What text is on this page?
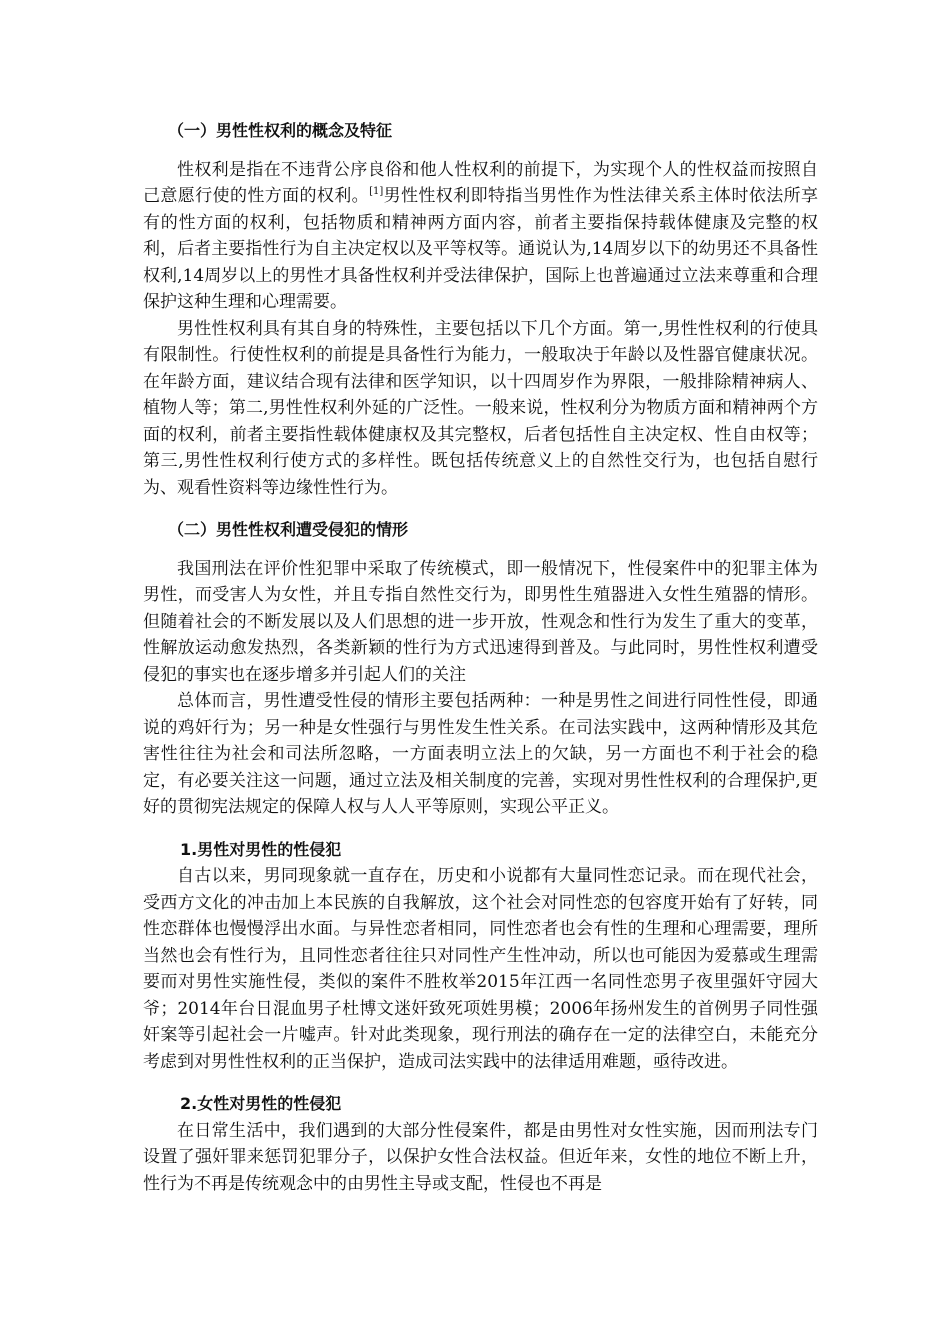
（一）男性性权利的概念及特征

性权利是指在不违背公序良俗和他人性权利的前提下，为实现个人的性权益而按照自己意愿行使的性方面的权利。[1]男性性权利即特指当男性作为性法律关系主体时依法所享有的性方面的权利，包括物质和精神两方面内容，前者主要指保持载体健康及完整的权利，后者主要指性行为自主决定权以及平等权等。通说认为,14周岁以下的幼男还不具备性权利,14周岁以上的男性才具备性权利并受法律保护，国际上也普遍通过立法来尊重和合理保护这种生理和心理需要。

男性性权利具有其自身的特殊性，主要包括以下几个方面。第一,男性性权利的行使具有限制性。行使性权利的前提是具备性行为能力，一般取决于年龄以及性器官健康状况。在年龄方面，建议结合现有法律和医学知识，以十四周岁作为界限，一般排除精神病人、植物人等；第二,男性性权利外延的广泛性。一般来说，性权利分为物质方面和精神两个方面的权利，前者主要指性载体健康权及其完整权，后者包括性自主决定权、性自由权等；第三,男性性权利行使方式的多样性。既包括传统意义上的自然性交行为，也包括自慰行为、观看性资料等边缘性性行为。

（二）男性性权利遭受侵犯的情形

我国刑法在评价性犯罪中采取了传统模式，即一般情况下，性侵案件中的犯罪主体为男性，而受害人为女性，并且专指自然性交行为，即男性生殖器进入女性生殖器的情形。但随着社会的不断发展以及人们思想的进一步开放，性观念和性行为发生了重大的变革，性解放运动愈发热烈，各类新颖的性行为方式迅速得到普及。与此同时，男性性权利遭受侵犯的事实也在逐步增多并引起人们的关注

总体而言，男性遭受性侵的情形主要包括两种：一种是男性之间进行同性性侵，即通说的鸡奸行为；另一种是女性强行与男性发生性关系。在司法实践中，这两种情形及其危害性往往为社会和司法所忽略，一方面表明立法上的欠缺，另一方面也不利于社会的稳定，有必要关注这一问题，通过立法及相关制度的完善，实现对男性性权利的合理保护,更好的贯彻宪法规定的保障人权与人人平等原则，实现公平正义。

1.男性对男性的性侵犯

自古以来，男同现象就一直存在，历史和小说都有大量同性恋记录。而在现代社会，受西方文化的冲击加上本民族的自我解放，这个社会对同性恋的包容度开始有了好转，同性恋群体也慢慢浮出水面。与异性恋者相同，同性恋者也会有性的生理和心理需要，理所当然也会有性行为，且同性恋者往往只对同性产生性冲动，所以也可能因为爱慕或生理需要而对男性实施性侵，类似的案件不胜枚举2015年江西一名同性恋男子夜里强奸守园大爷；2014年台日混血男子杜博文迷奸致死项姓男模；2006年扬州发生的首例男子同性强奸案等引起社会一片嘘声。针对此类现象，现行刑法的确存在一定的法律空白，未能充分考虑到对男性性权利的正当保护，造成司法实践中的法律适用难题，亟待改进。

2.女性对男性的性侵犯

在日常生活中，我们遇到的大部分性侵案件，都是由男性对女性实施，因而刑法专门设置了强奸罪来惩罚犯罪分子，以保护女性合法权益。但近年来，女性的地位不断上升，性行为不再是传统观念中的由男性主导或支配，性侵也不再是
